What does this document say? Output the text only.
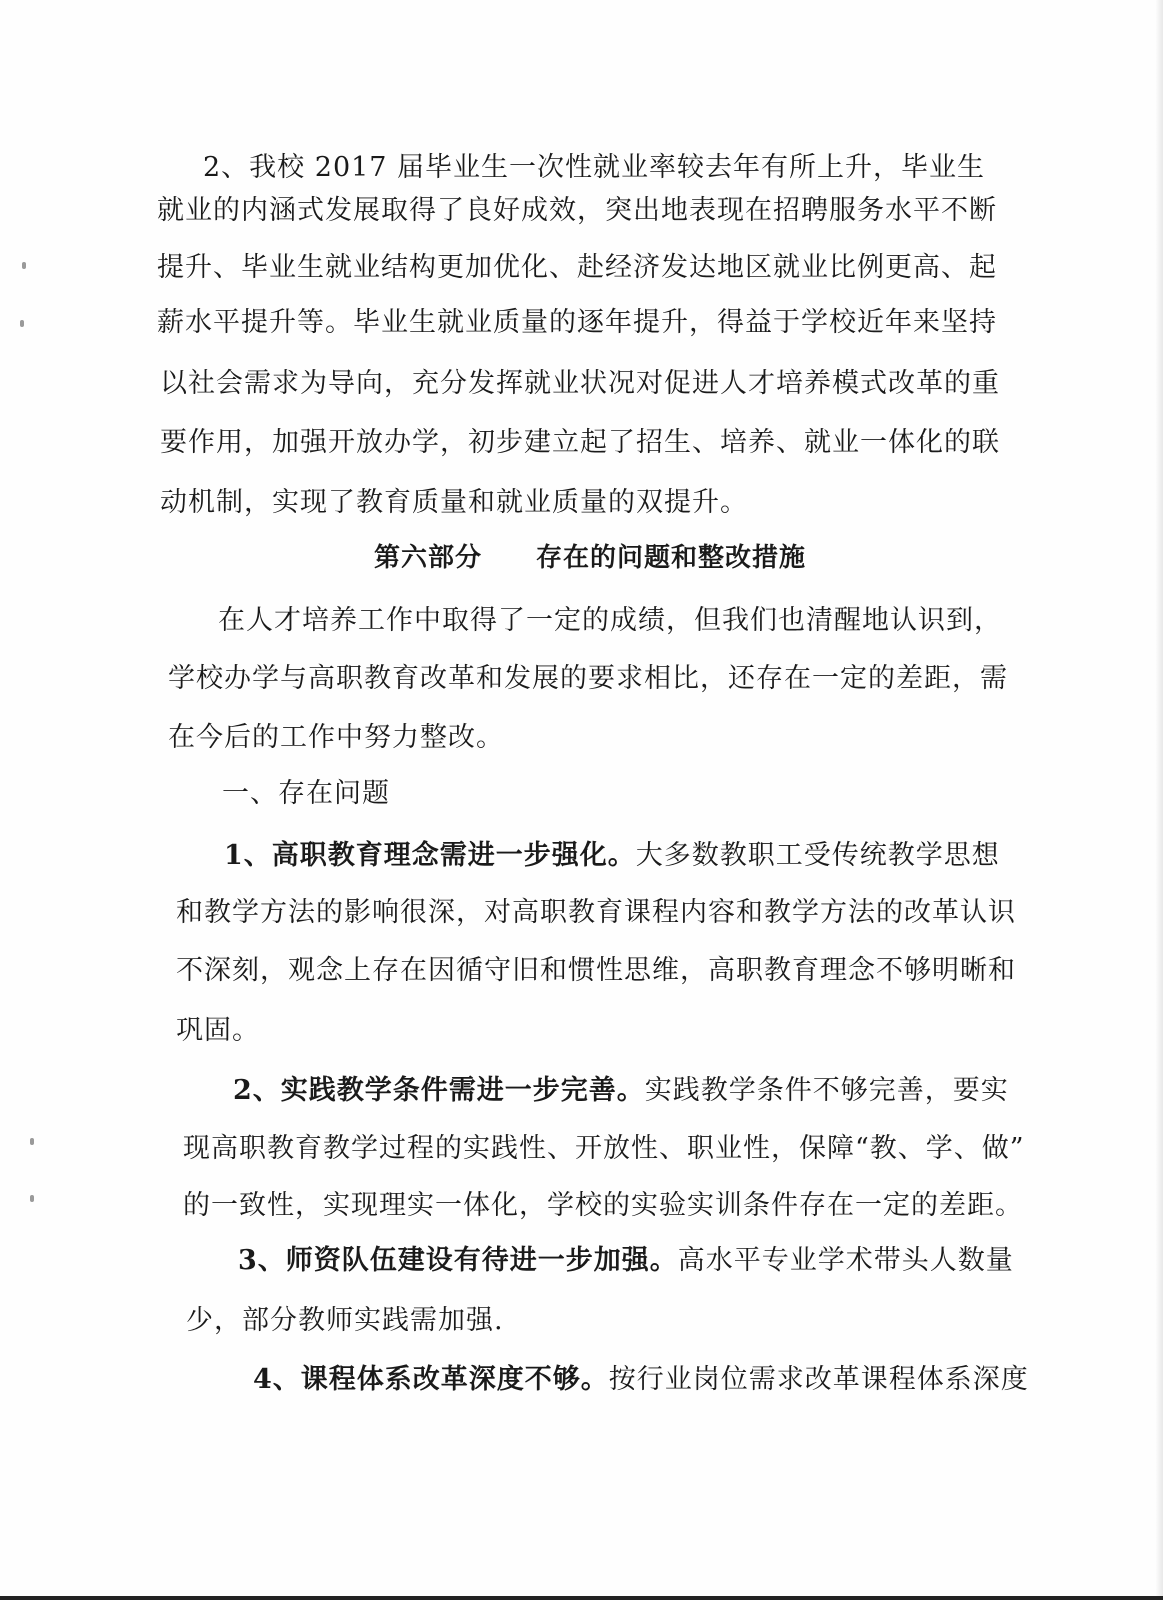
2、我校 2017 届毕业生一次性就业率较去年有所上升，毕业生
就业的内涵式发展取得了良好成效，突出地表现在招聘服务水平不断
提升、毕业生就业结构更加优化、赴经济发达地区就业比例更高、起
薪水平提升等。毕业生就业质量的逐年提升，得益于学校近年来坚持
以社会需求为导向，充分发挥就业状况对促进人才培养模式改革的重
要作用，加强开放办学，初步建立起了招生、培养、就业一体化的联
动机制，实现了教育质量和就业质量的双提升。
第六部分　　存在的问题和整改措施
在人才培养工作中取得了一定的成绩，但我们也清醒地认识到，
学校办学与高职教育改革和发展的要求相比，还存在一定的差距，需
在今后的工作中努力整改。
一、存在问题
1、高职教育理念需进一步强化。大多数教职工受传统教学思想
和教学方法的影响很深，对高职教育课程内容和教学方法的改革认识
不深刻，观念上存在因循守旧和惯性思维，高职教育理念不够明晰和
巩固。
2、实践教学条件需进一步完善。实践教学条件不够完善，要实
现高职教育教学过程的实践性、开放性、职业性，保障“教、学、做”
的一致性，实现理实一体化，学校的实验实训条件存在一定的差距。
3、师资队伍建设有待进一步加强。高水平专业学术带头人数量
少，部分教师实践需加强.
4、课程体系改革深度不够。按行业岗位需求改革课程体系深度
